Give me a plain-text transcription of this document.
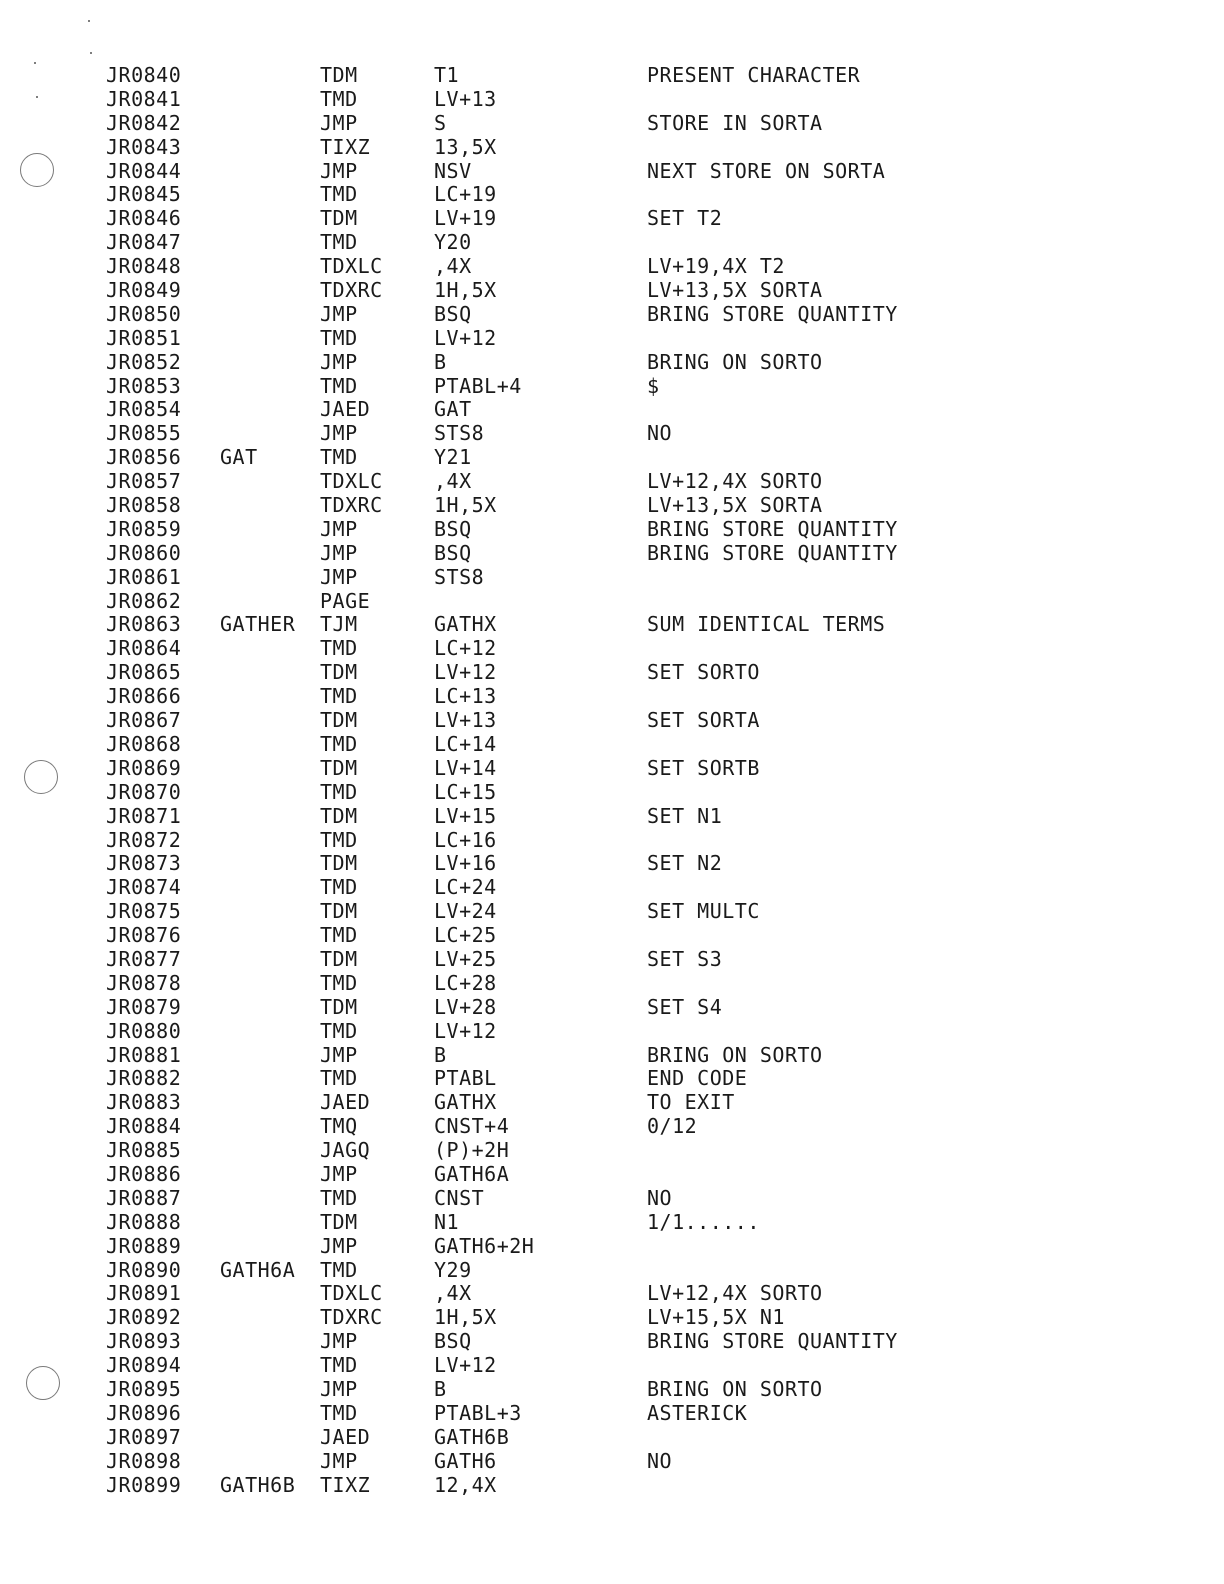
JR0840	TDM	T1	PRESENT CHARACTER
JR0841	TMD	LV+13
JR0842	JMP	S	STORE IN SORTA
JR0843	TIXZ	13,5X
JR0844	JMP	NSV	NEXT STORE ON SORTA
JR0845	TMD	LC+19
JR0846	TDM	LV+19	SET T2
JR0847	TMD	Y20
JR0848	TDXLC	,4X	LV+19,4X T2
JR0849	TDXRC	1H,5X	LV+13,5X SORTA
JR0850	JMP	BSQ	BRING STORE QUANTITY
JR0851	TMD	LV+12
JR0852	JMP	B	BRING ON SORTO
JR0853	TMD	PTABL+4	$
JR0854	JAED	GAT
JR0855	JMP	STS8	NO
JR0856 GAT	TMD	Y21
JR0857	TDXLC	,4X	LV+12,4X SORTO
JR0858	TDXRC	1H,5X	LV+13,5X SORTA
JR0859	JMP	BSQ	BRING STORE QUANTITY
JR0860	JMP	BSQ	BRING STORE QUANTITY
JR0861	JMP	STS8
JR0862	PAGE
JR0863 GATHER TJM	GATHX	SUM IDENTICAL TERMS
JR0864	TMD	LC+12
JR0865	TDM	LV+12	SET SORTO
JR0866	TMD	LC+13
JR0867	TDM	LV+13	SET SORTA
JR0868	TMD	LC+14
JR0869	TDM	LV+14	SET SORTB
JR0870	TMD	LC+15
JR0871	TDM	LV+15	SET N1
JR0872	TMD	LC+16
JR0873	TDM	LV+16	SET N2
JR0874	TMD	LC+24
JR0875	TDM	LV+24	SET MULTC
JR0876	TMD	LC+25
JR0877	TDM	LV+25	SET S3
JR0878	TMD	LC+28
JR0879	TDM	LV+28	SET S4
JR0880	TMD	LV+12
JR0881	JMP	B	BRING ON SORTO
JR0882	TMD	PTABL	END CODE
JR0883	JAED	GATHX	TO EXIT
JR0884	TMQ	CNST+4	0/12
JR0885	JAGQ	(P)+2H
JR0886	JMP	GATH6A
JR0887	TMD	CNST	NO
JR0888	TDM	N1	1/1......
JR0889	JMP	GATH6+2H
JR0890 GATH6A TMD	Y29
JR0891	TDXLC	,4X	LV+12,4X SORTO
JR0892	TDXRC	1H,5X	LV+15,5X N1
JR0893	JMP	BSQ	BRING STORE QUANTITY
JR0894	TMD	LV+12
JR0895	JMP	B	BRING ON SORTO
JR0896	TMD	PTABL+3	ASTERICK
JR0897	JAED	GATH6B
JR0898	JMP	GATH6	NO
JR0899 GATH6B TIXZ	12,4X
